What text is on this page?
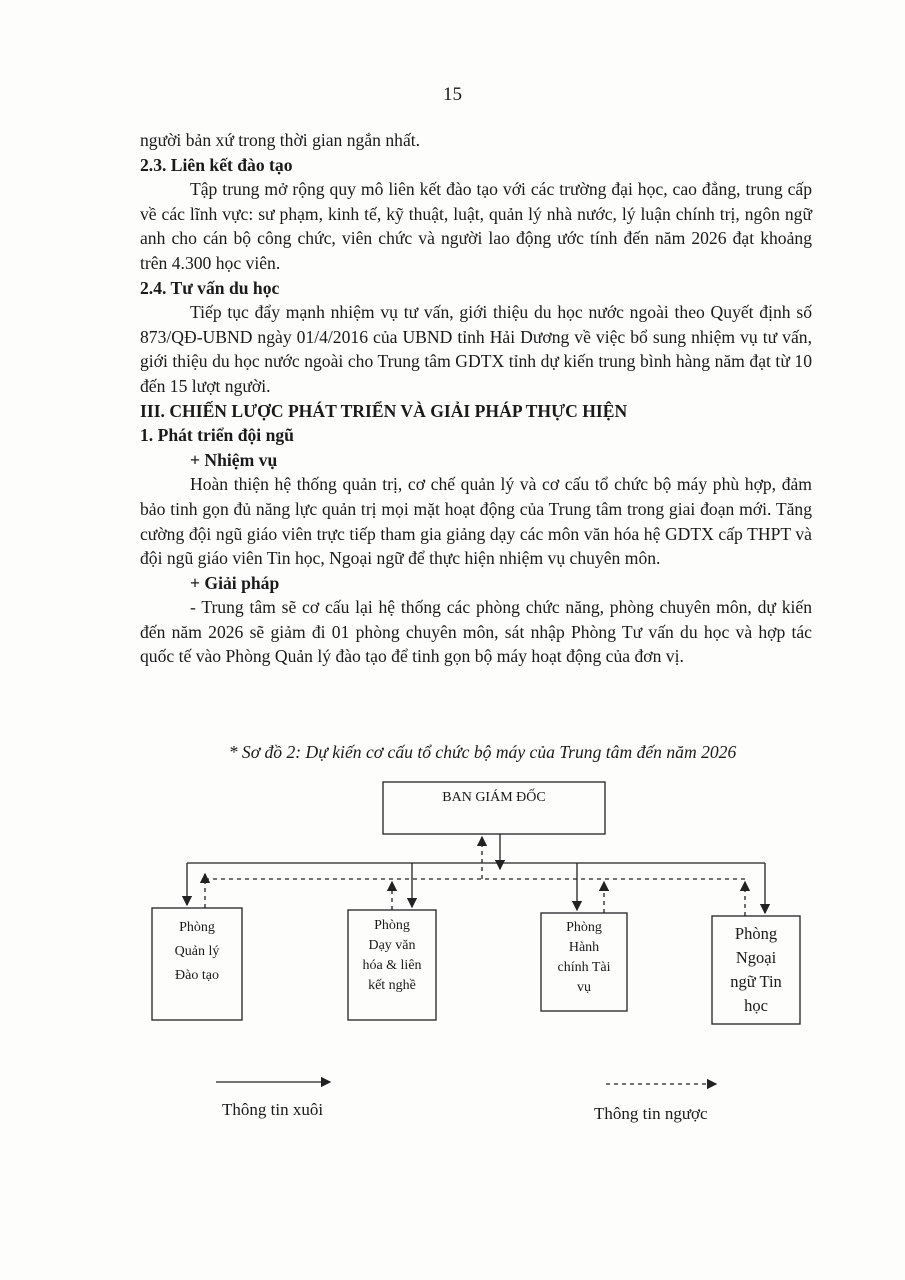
15

người bản xứ trong thời gian ngắn nhất.

2.3. Liên kết đào tạo

Tập trung mở rộng quy mô liên kết đào tạo với các trường đại học, cao đẳng, trung cấp về các lĩnh vực: sư phạm, kinh tế, kỹ thuật, luật, quản lý nhà nước, lý luận chính trị, ngôn ngữ anh cho cán bộ công chức, viên chức và người lao động ước tính đến năm 2026 đạt khoảng trên 4.300 học viên.

2.4. Tư vấn du học

Tiếp tục đẩy mạnh nhiệm vụ tư vấn, giới thiệu du học nước ngoài theo Quyết định số 873/QĐ-UBND ngày 01/4/2016 của UBND tỉnh Hải Dương về việc bổ sung nhiệm vụ tư vấn, giới thiệu du học nước ngoài cho Trung tâm GDTX tỉnh dự kiến trung bình hàng năm đạt từ 10 đến 15 lượt người.

III. CHIẾN LƯỢC PHÁT TRIỂN VÀ GIẢI PHÁP THỰC HIỆN

1. Phát triển đội ngũ

+ Nhiệm vụ

Hoàn thiện hệ thống quản trị, cơ chế quản lý và cơ cấu tổ chức bộ máy phù hợp, đảm bảo tinh gọn đủ năng lực quản trị mọi mặt hoạt động của Trung tâm trong giai đoạn mới. Tăng cường đội ngũ giáo viên trực tiếp tham gia giảng dạy các môn văn hóa hệ GDTX cấp THPT và đội ngũ giáo viên Tin học, Ngoại ngữ để thực hiện nhiệm vụ chuyên môn.

+ Giải pháp

- Trung tâm sẽ cơ cấu lại hệ thống các phòng chức năng, phòng chuyên môn, dự kiến đến năm 2026 sẽ giảm đi 01 phòng chuyên môn, sát nhập Phòng Tư vấn du học và hợp tác quốc tế vào Phòng Quản lý đào tạo để tinh gọn bộ máy hoạt động của đơn vị.

* Sơ đồ 2: Dự kiến cơ cấu tổ chức bộ máy của Trung tâm đến năm 2026
BAN GIÁM ĐỐC
Phòng
Quản lý
Đào tạo
Phòng
Dạy văn
hóa & liên
kết nghề
Phòng
Hành
chính Tài
vụ
Phòng
Ngoại
ngữ Tin
học
Thông tin xuôi	Thông tin ngược
